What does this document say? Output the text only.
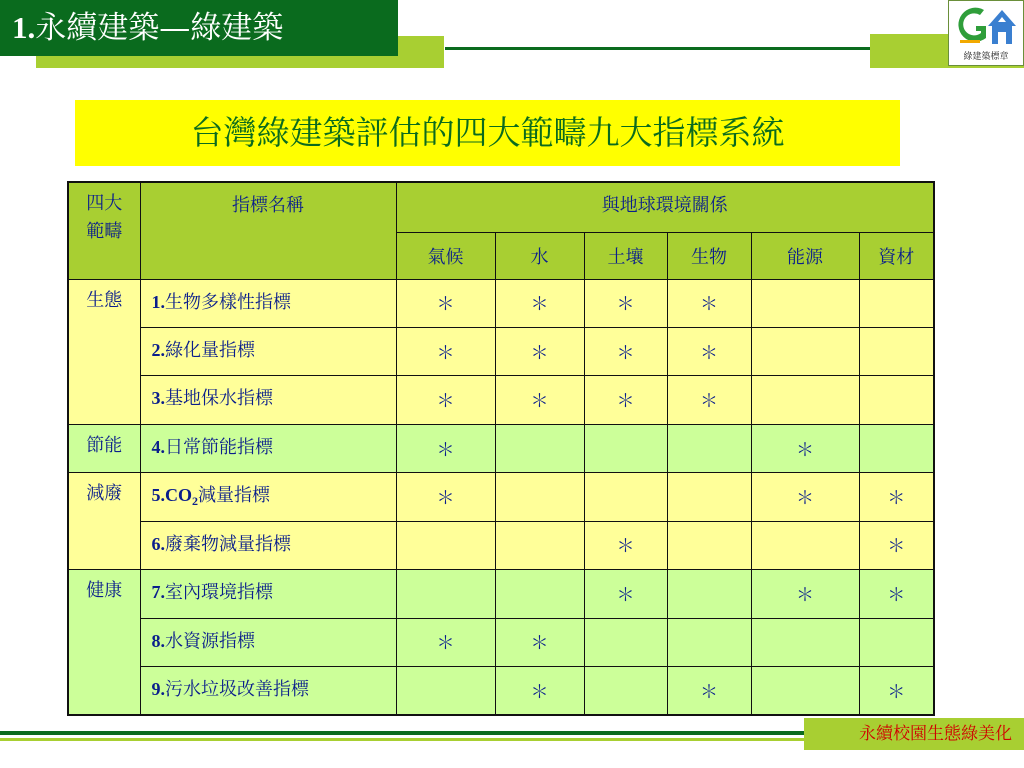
1.永續建築—綠建築
綠建築標章
台灣綠建築評估的四大範疇九大指標系統
四大
範疇	指標名稱	與地球環境關係					
		氣候	水	土壤	生物	能源	資材
生態	1.生物多樣性指標	＊	＊	＊	＊		
	2.綠化量指標	＊	＊	＊	＊		
	3.基地保水指標	＊	＊	＊	＊		
節能	4.日常節能指標	＊				＊	
減廢	$5.CO_2$減量指標	＊				＊	＊
	6.廢棄物減量指標			＊			＊
健康	7.室內環境指標			＊		＊	＊
	8.水資源指標	＊	＊				
	9.污水垃圾改善指標		＊		＊		＊
永續校園生態綠美化
